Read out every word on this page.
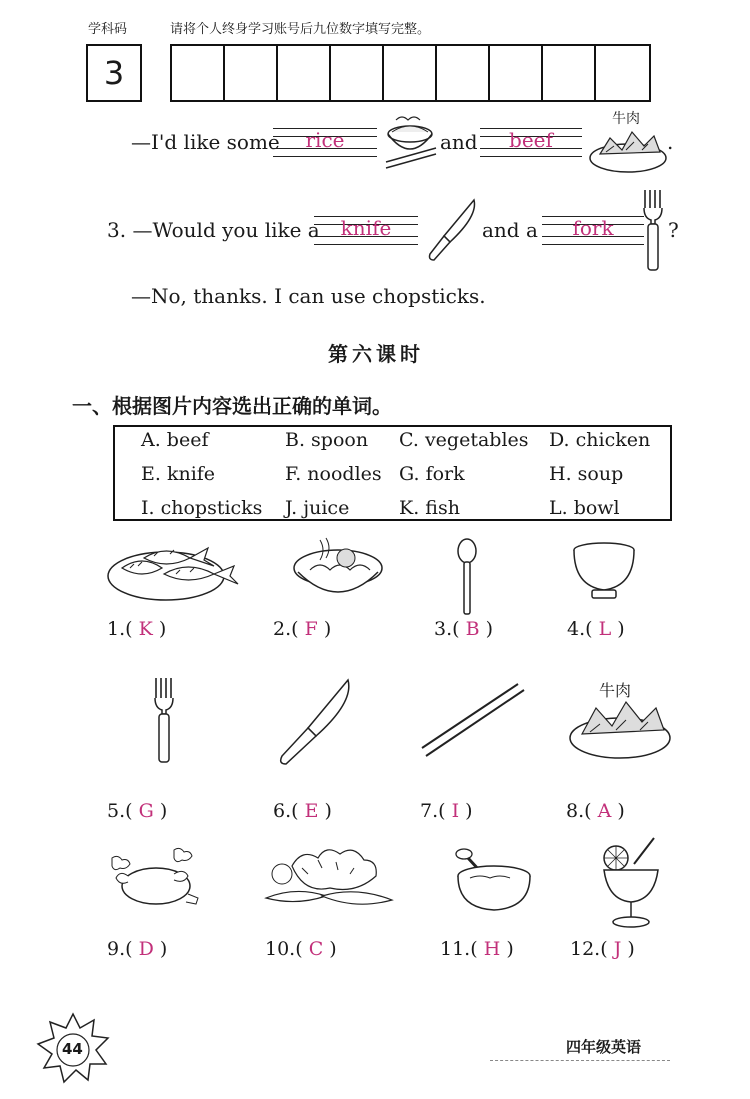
学科码	请将个人终身学习账号后九位数字填写完整。
3
—I'd like some	rice	and	beef
牛肉
.
3. —Would you like a	knife	and a	fork	?
—No, thanks. I can use chopsticks.
第六课时
一、根据图片内容选出正确的单词。
A. beef	B. spoon C. vegetables D. chicken
E. knife	F. noodles G. fork	H. soup
I. chopsticks J. juice	K. fish	L. bowl
1.( K )	2.( F )	3.( B )	4.( L )
牛肉
5.( G )	6.( E )	7.( I )	8.( A )
9.( D )	10.( C )	11.( H )	12.( J )
44	四年级英语
